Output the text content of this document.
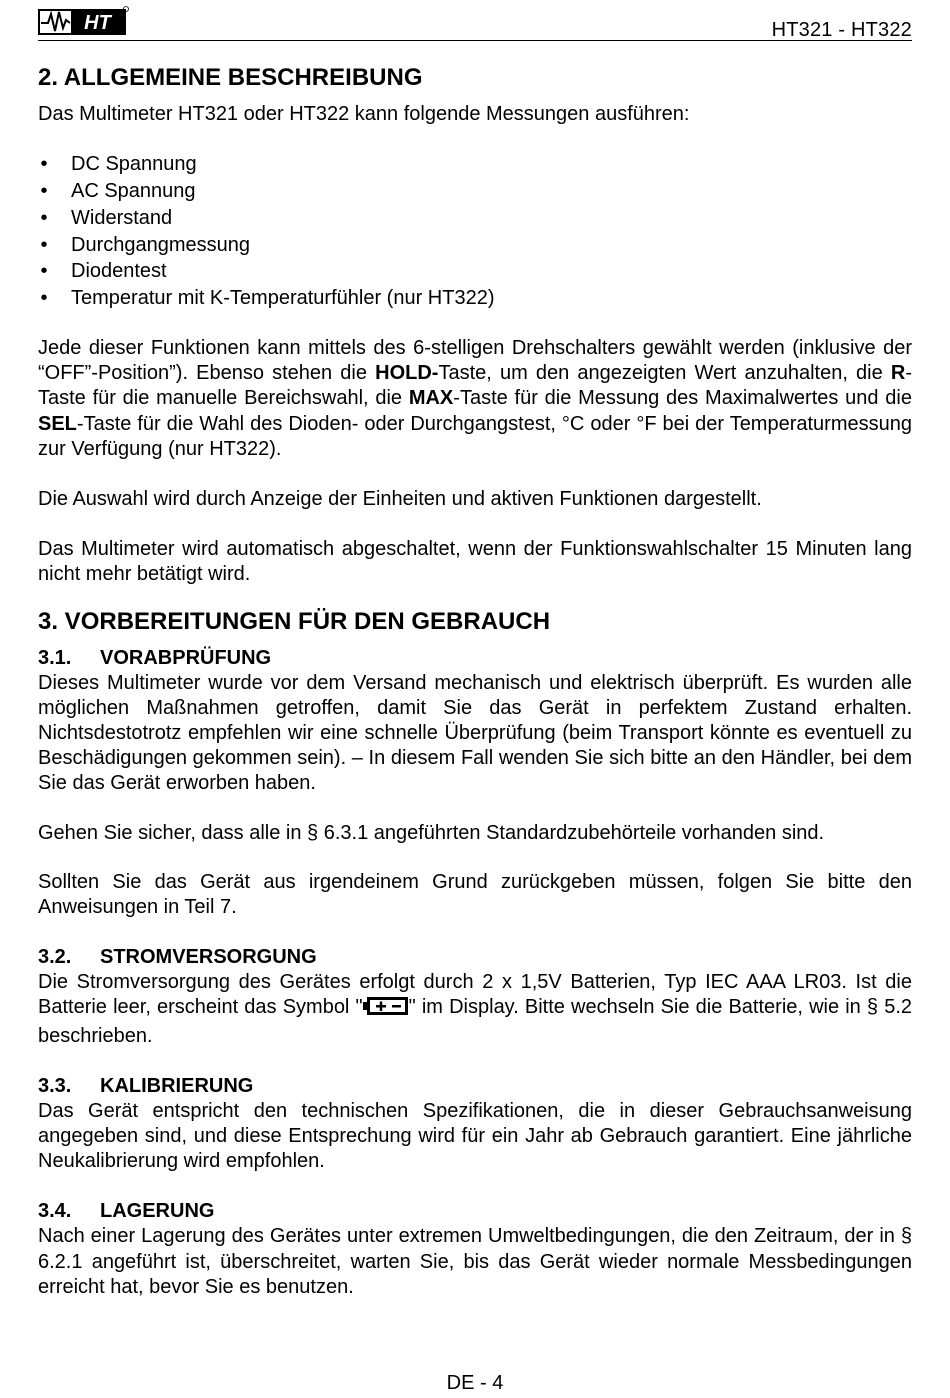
HT	HT321 - HT322
2. ALLGEMEINE BESCHREIBUNG

Das Multimeter HT321 oder HT322 kann folgende Messungen ausführen:

• DC Spannung
• AC Spannung
• Widerstand
• Durchgangmessung
• Diodentest
• Temperatur mit K-Temperaturfühler (nur HT322)

Jede dieser Funktionen kann mittels des 6-stelligen Drehschalters gewählt werden (inklusive der “OFF”-Position”). Ebenso stehen die HOLD-Taste, um den angezeigten Wert anzuhalten, die R-Taste für die manuelle Bereichswahl, die MAX-Taste für die Messung des Maximalwertes und die SEL-Taste für die Wahl des Dioden- oder Durchgangstest, °C oder °F bei der Temperaturmessung zur Verfügung (nur HT322).

Die Auswahl wird durch Anzeige der Einheiten und aktiven Funktionen dargestellt.

Das Multimeter wird automatisch abgeschaltet, wenn der Funktionswahlschalter 15 Minuten lang nicht mehr betätigt wird.

3. VORBEREITUNGEN FÜR DEN GEBRAUCH
3.1. VORABPRÜFUNG

Dieses Multimeter wurde vor dem Versand mechanisch und elektrisch überprüft. Es wurden alle möglichen Maßnahmen getroffen, damit Sie das Gerät in perfektem Zustand erhalten. Nichtsdestotrotz empfehlen wir eine schnelle Überprüfung (beim Transport könnte es eventuell zu Beschädigungen gekommen sein). – In diesem Fall wenden Sie sich bitte an den Händler, bei dem Sie das Gerät erworben haben.

Gehen Sie sicher, dass alle in § 6.3.1 angeführten Standardzubehörteile vorhanden sind.

Sollten Sie das Gerät aus irgendeinem Grund zurückgeben müssen, folgen Sie bitte den Anweisungen in Teil 7.

3.2. STROMVERSORGUNG

Die Stromversorgung des Gerätes erfolgt durch 2 x 1,5V Batterien, Typ IEC AAA LR03. Ist die Batterie leer, erscheint das Symbol " " im Display. Bitte wechseln Sie die Batterie, wie in § 5.2 beschrieben.

3.3. KALIBRIERUNG

Das Gerät entspricht den technischen Spezifikationen, die in dieser Gebrauchsanweisung angegeben sind, und diese Entsprechung wird für ein Jahr ab Gebrauch garantiert. Eine jährliche Neukalibrierung wird empfohlen.

3.4. LAGERUNG

Nach einer Lagerung des Gerätes unter extremen Umweltbedingungen, die den Zeitraum, der in § 6.2.1 angeführt ist, überschreitet, warten Sie, bis das Gerät wieder normale Messbedingungen erreicht hat, bevor Sie es benutzen.

DE - 4
